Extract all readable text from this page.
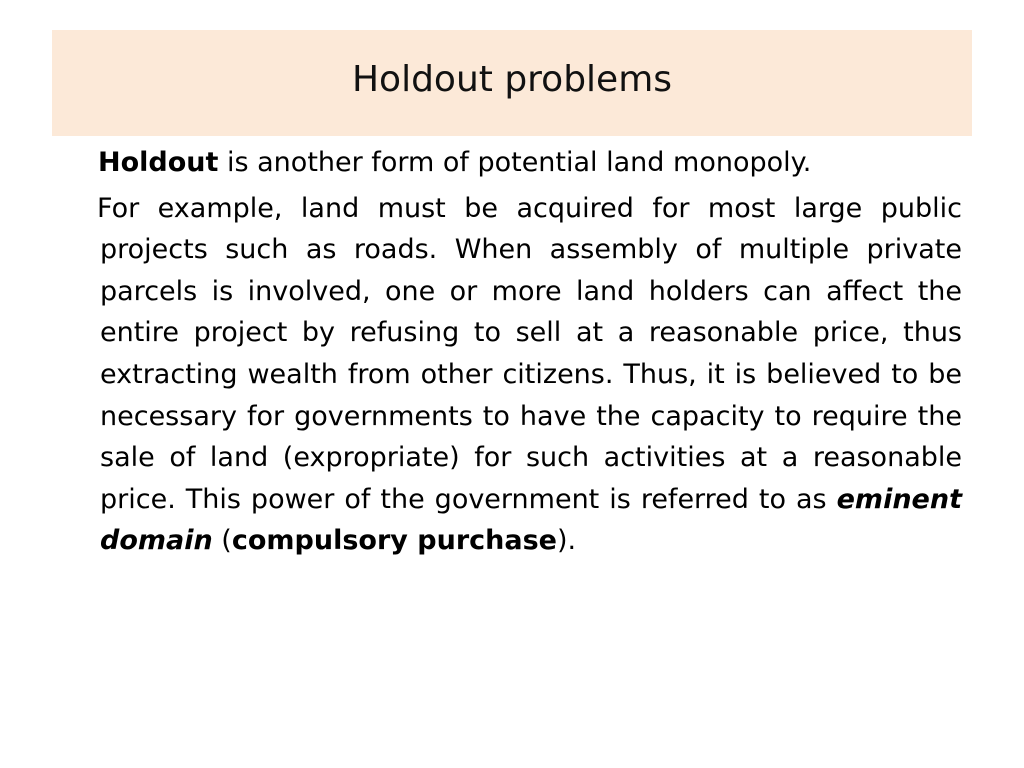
Holdout problems

Holdout is another form of potential land monopoly.

For example, land must be acquired for most large public projects such as roads. When assembly of multiple private parcels is involved, one or more land holders can affect the entire project by refusing to sell at a reasonable price, thus extracting wealth from other citizens. Thus, it is believed to be necessary for governments to have the capacity to require the sale of land (expropriate) for such activities at a reasonable price. This power of the government is referred to as eminent domain (compulsory purchase).
